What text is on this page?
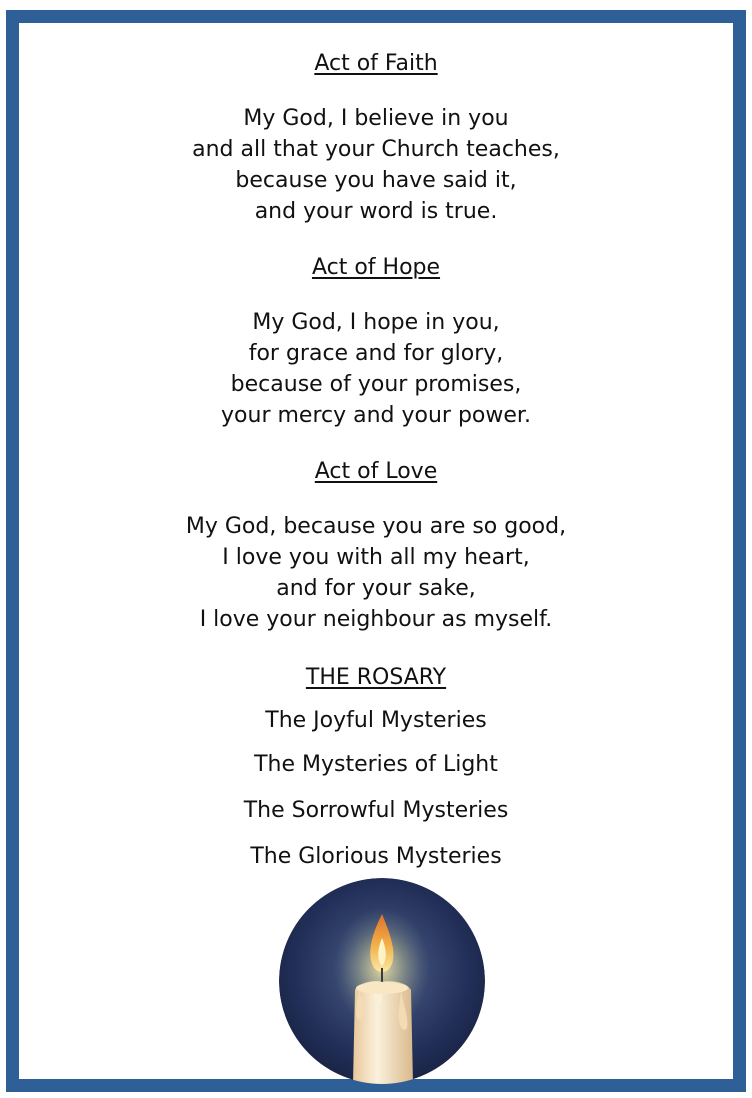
Act of Faith
My God, I believe in you
and all that your Church teaches,
because you have said it,
and your word is true.
Act of Hope
My God, I hope in you,
for grace and for glory,
because of your promises,
your mercy and your power.
Act of Love
My God, because you are so good,
I love you with all my heart,
and for your sake,
I love your neighbour as myself.
THE ROSARY
The Joyful Mysteries
The Mysteries of Light
The Sorrowful Mysteries
The Glorious Mysteries
